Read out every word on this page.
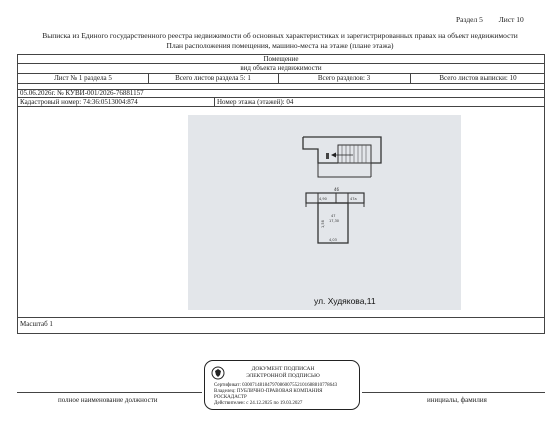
Раздел 5 Лист 10
Выписка из Единого государственного реестра недвижимости об основных характеристиках и зарегистрированных правах на объект недвижимости
План расположения помещения, машино-места на этаже (плане этажа)
Помещение
вид объекта недвижимости
Лист № 1 раздела 5	Всего листов раздела 5: 1	Всего разделов: 3	Всего листов выписки: 10
05.06.2026г. № КУВИ-001/2026-76881157
Кадастровый номер: 74:36:0513004:874	Номер этажа (этажей): 04
Масштаб 1
46
4,90	47а
47
17,30
1,58
4,03
ул. Худякова,11
ДОКУМЕНТ ПОДПИСАН
ЭЛЕКТРОННОЙ ПОДПИСЬЮ
Сертификат: 03007148184797086007552101688810778643
Владелец: ПУБЛИЧНО-ПРАВОВАЯ КОМПАНИЯ
РОСКАДАСТР
Действителен: с 24.12.2025 по 19.03.2027
полное наименование должности	инициалы, фамилия
